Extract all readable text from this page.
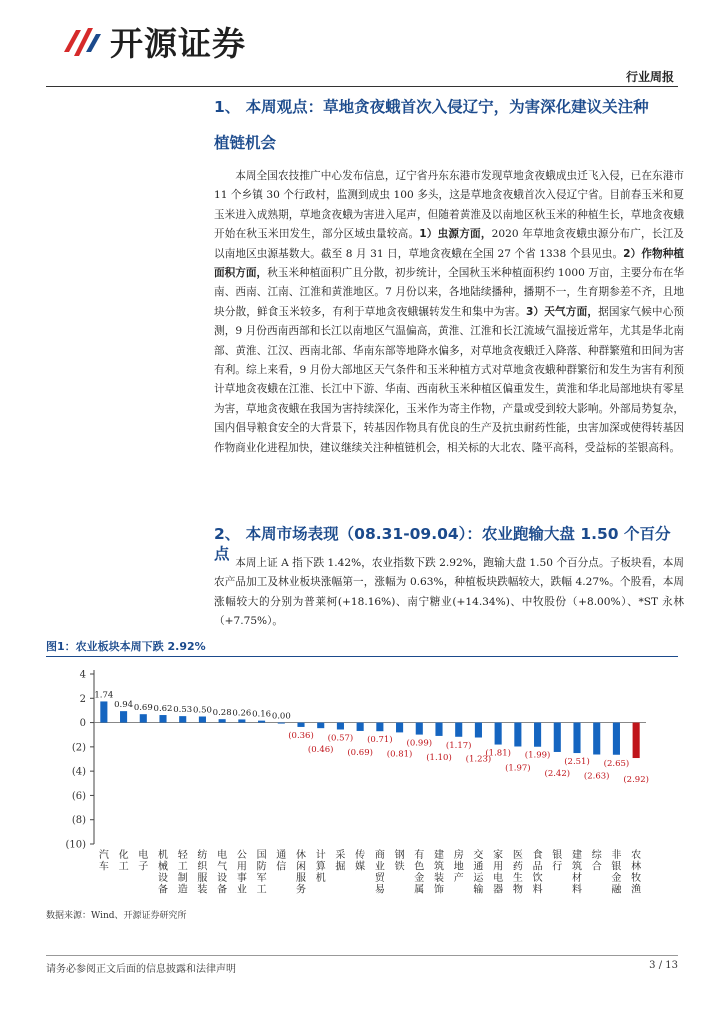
开源证券
行业周报
1、 本周观点：草地贪夜蛾首次入侵辽宁，为害深化建议关注种
植链机会
本周全国农技推广中心发布信息，辽宁省丹东东港市发现草地贪夜蛾成虫迁飞入侵，已在东港市 11 个乡镇 30 个行政村，监测到成虫 100 多头，这是草地贪夜蛾首次入侵辽宁省。目前春玉米和夏玉米进入成熟期，草地贪夜蛾为害进入尾声，但随着黄淮及以南地区秋玉米的种植生长，草地贪夜蛾开始在秋玉米田发生，部分区域虫量较高。1）虫源方面，2020 年草地贪夜蛾虫源分布广，长江及以南地区虫源基数大。截至 8 月 31 日，草地贪夜蛾在全国 27 个省 1338 个县见虫。2）作物种植面积方面，秋玉米种植面积广且分散，初步统计，全国秋玉米种植面积约 1000 万亩，主要分布在华南、西南、江南、江淮和黄淮地区。7 月份以来，各地陆续播种，播期不一，生育期参差不齐，且地块分散，鲜食玉米较多，有利于草地贪夜蛾辗转发生和集中为害。3）天气方面，据国家气候中心预测，9 月份西南西部和长江以南地区气温偏高，黄淮、江淮和长江流域气温接近常年，尤其是华北南部、黄淮、江汉、西南北部、华南东部等地降水偏多，对草地贪夜蛾迁入降落、种群繁殖和田间为害有利。综上来看，9 月份大部地区天气条件和玉米种植方式对草地贪夜蛾种群繁衍和发生为害有利预计草地贪夜蛾在江淮、长江中下游、华南、西南秋玉米种植区偏重发生，黄淮和华北局部地块有零星为害，草地贪夜蛾在我国为害持续深化，玉米作为寄主作物，产量或受到较大影响。外部局势复杂，国内倡导粮食安全的大背景下，转基因作物具有优良的生产及抗虫耐药性能，虫害加深或使得转基因作物商业化进程加快，建议继续关注种植链机会，相关标的大北农、隆平高科，受益标的荃银高科。
2、 本周市场表现（08.31-09.04）：农业跑输大盘 1.50 个百分点 本周上证 A 指下跌 1.42%，农业指数下跌 2.92%，跑输大盘 1.50 个百分点。子板块看，本周农产品加工及林业板块涨幅第一，涨幅为 0.63%，种植板块跌幅较大，跌幅 4.27%。个股看，本周涨幅较大的分别为普莱柯(+18.16%)、南宁糖业(+14.34%)、中牧股份（+8.00%）、*ST 永林（+7.75%）。
图1：农业板块本周下跌 2.92%
4
2
0
(2)
(4)
(6)
(8)
(10)
1.74
0.94 0.69 0.62 0.53 0.50 0.28 0.26 0.16 0.00
(0.36)
(0.46)
(0.57)
(0.69)
(0.71)
(0.81)
(0.99)
(1.10)
(1.17)
(1.23)
(1.81)
(1.97)
(1.99)
(2.42)
(2.51)
(2.63)
(2.65)
(2.92)
汽车
化工
电子
机械设备
轻工制造
纺织服装
电气设备
公用事业
国防军工
通信
休闲服务
计算机
采掘
传媒
商业贸易
钢铁
有色金属
建筑装饰
房地产
交通运输
家用电器
医药生物
食品饮料
银行
建筑材料
综合
非银金融
农林牧渔
数据来源：Wind、开源证券研究所
请务必参阅正文后面的信息披露和法律声明	3 / 13
